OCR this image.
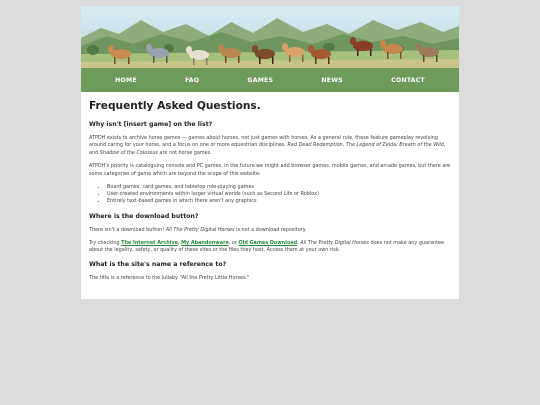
HOME	FAQ	GAMES	NEWS	CONTACT
Frequently Asked Questions.
Why isn't [insert game] on the list?

ATPDH exists to archive horse games — games about horses, not just games with horses. As a general rule, these feature gameplay revolving around caring for your horse, and a focus on one or more equestrian disciplines. Red Dead Redemption, The Legend of Zelda: Breath of the Wild, and Shadow of the Colossus are not horse games.

ATPDH's priority is cataloguing console and PC games. In the future we might add browser games, mobile games, and arcade games, but there are some categories of game which are beyond the scope of this website:

• Board games, card games, and tabletop role-playing games
• User-created environments within larger virtual worlds (such as Second Life or Roblox)
• Entirely text-based games in which there aren't any graphics
Where is the download button?

There isn't a download button! All The Pretty Digital Horses is not a download repository.

Try checking The Internet Archive, My Abandonware, or Old Games Download. All The Pretty Digital Horses does not make any guarantee about the legality, safety, or quality of these sites or the files they host. Access them at your own risk.

What is the site's name a reference to?

The title is a reference to the lullaby "All the Pretty Little Horses."
